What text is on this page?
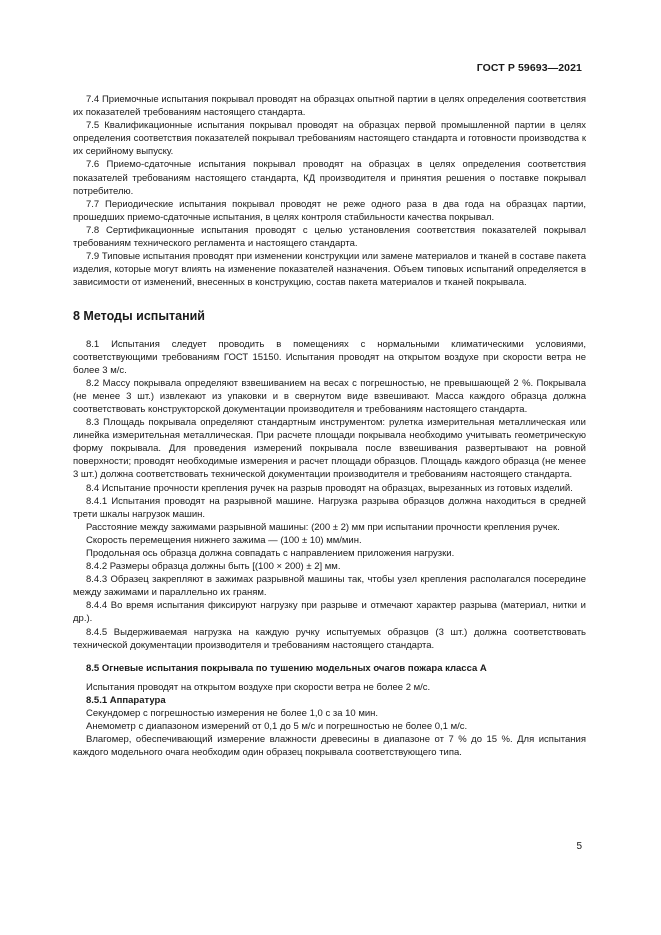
ГОСТ Р 59693—2021

7.4 Приемочные испытания покрывал проводят на образцах опытной партии в целях определения соответствия их показателей требованиям настоящего стандарта.

7.5 Квалификационные испытания покрывал проводят на образцах первой промышленной партии в целях определения соответствия показателей покрывал требованиям настоящего стандарта и готовности производства к их серийному выпуску.

7.6 Приемо-сдаточные испытания покрывал проводят на образцах в целях определения соответствия показателей требованиям настоящего стандарта, КД производителя и принятия решения о поставке покрывал потребителю.

7.7 Периодические испытания покрывал проводят не реже одного раза в два года на образцах партии, прошедших приемо-сдаточные испытания, в целях контроля стабильности качества покрывал.

7.8 Сертификационные испытания проводят с целью установления соответствия показателей покрывал требованиям технического регламента и настоящего стандарта.

7.9 Типовые испытания проводят при изменении конструкции или замене материалов и тканей в составе пакета изделия, которые могут влиять на изменение показателей назначения. Объем типовых испытаний определяется в зависимости от изменений, внесенных в конструкцию, состав пакета материалов и тканей покрывала.

8 Методы испытаний

8.1 Испытания следует проводить в помещениях с нормальными климатическими условиями, соответствующими требованиям ГОСТ 15150. Испытания проводят на открытом воздухе при скорости ветра не более 3 м/с.

8.2 Массу покрывала определяют взвешиванием на весах с погрешностью, не превышающей 2 %. Покрывала (не менее 3 шт.) извлекают из упаковки и в свернутом виде взвешивают. Масса каждого образца должна соответствовать конструкторской документации производителя и требованиям настоящего стандарта.

8.3 Площадь покрывала определяют стандартным инструментом: рулетка измерительная металлическая или линейка измерительная металлическая. При расчете площади покрывала необходимо учитывать геометрическую форму покрывала. Для проведения измерений покрывала после взвешивания развертывают на ровной поверхности; проводят необходимые измерения и расчет площади образцов. Площадь каждого образца (не менее 3 шт.) должна соответствовать технической документации производителя и требованиям настоящего стандарта.

8.4 Испытание прочности крепления ручек на разрыв проводят на образцах, вырезанных из готовых изделий.

8.4.1 Испытания проводят на разрывной машине. Нагрузка разрыва образцов должна находиться в средней трети шкалы нагрузок машин.

Расстояние между зажимами разрывной машины: (200 ± 2) мм при испытании прочности крепления ручек.

Скорость перемещения нижнего зажима — (100 ± 10) мм/мин.

Продольная ось образца должна совпадать с направлением приложения нагрузки.

8.4.2 Размеры образца должны быть [(100 × 200) ± 2] мм.

8.4.3 Образец закрепляют в зажимах разрывной машины так, чтобы узел крепления располагался посередине между зажимами и параллельно их граням.

8.4.4 Во время испытания фиксируют нагрузку при разрыве и отмечают характер разрыва (материал, нитки и др.).

8.4.5 Выдерживаемая нагрузка на каждую ручку испытуемых образцов (3 шт.) должна соответствовать технической документации производителя и требованиям настоящего стандарта.

8.5 Огневые испытания покрывала по тушению модельных очагов пожара класса А

Испытания проводят на открытом воздухе при скорости ветра не более 2 м/с.

8.5.1 Аппаратура

Секундомер с погрешностью измерения не более 1,0 с за 10 мин.

Анемометр с диапазоном измерений от 0,1 до 5 м/с и погрешностью не более 0,1 м/с.

Влагомер, обеспечивающий измерение влажности древесины в диапазоне от 7 % до 15 %. Для испытания каждого модельного очага необходим один образец покрывала соответствующего типа.

5
